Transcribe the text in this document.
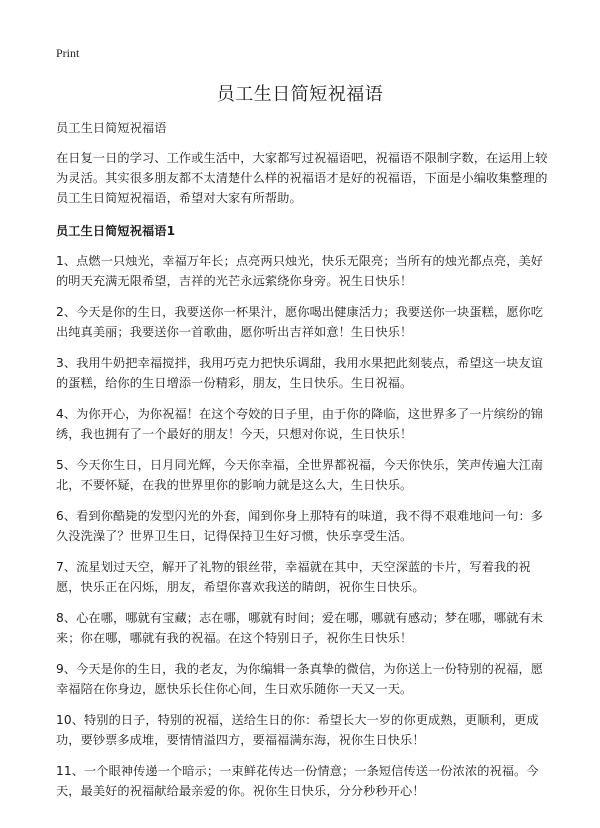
Print
员工生日简短祝福语

员工生日简短祝福语

在日复一日的学习、工作或生活中，大家都写过祝福语吧，祝福语不限制字数，在运用上较为灵活。其实很多朋友都不太清楚什么样的祝福语才是好的祝福语，下面是小编收集整理的员工生日简短祝福语，希望对大家有所帮助。

员工生日简短祝福语1

1、点燃一只烛光，幸福万年长；点亮两只烛光，快乐无限亮；当所有的烛光都点亮，美好的明天充满无限希望，吉祥的光芒永远萦绕你身旁。祝生日快乐！

2、今天是你的生日，我要送你一杯果汁，愿你喝出健康活力；我要送你一块蛋糕，愿你吃出纯真美丽；我要送你一首歌曲，愿你听出吉祥如意！生日快乐！

3、我用牛奶把幸福搅拌，我用巧克力把快乐调甜，我用水果把此刻装点，希望这一块友谊的蛋糕，给你的生日增添一份精彩，朋友，生日快乐。生日祝福。

4、为你开心，为你祝福！在这个夸姣的日子里，由于你的降临，这世界多了一片缤纷的锦绣，我也拥有了一个最好的朋友！今天，只想对你说，生日快乐！

5、今天你生日，日月同光辉，今天你幸福，全世界都祝福，今天你快乐，笑声传遍大江南北，不要怀疑，在我的世界里你的影响力就是这么大，生日快乐。

6、看到你酷毙的发型闪光的外套，闻到你身上那特有的味道，我不得不艰难地问一句：多久没洗澡了？世界卫生日，记得保持卫生好习惯，快乐享受生活。

7、流星划过天空，解开了礼物的银丝带，幸福就在其中，天空深蓝的卡片，写着我的祝愿，快乐正在闪烁，朋友，希望你喜欢我送的睛朗，祝你生日快乐。

8、心在哪，哪就有宝藏；志在哪，哪就有时间；爱在哪，哪就有感动；梦在哪，哪就有未来；你在哪，哪就有我的祝福。在这个特别日子，祝你生日快乐！

9、今天是你的生日，我的老友，为你编辑一条真挚的微信，为你送上一份特别的祝福，愿幸福陪在你身边，愿快乐长住你心间，生日欢乐随你一天又一天。

10、特别的日子，特别的祝福，送给生日的你：希望长大一岁的你更成熟，更顺利，更成功，要钞票多成堆，要情情溢四方，要福福满东海，祝你生日快乐！

11、一个眼神传递一个暗示；一束鲜花传达一份情意；一条短信传送一份浓浓的祝福。今天，最美好的祝福献给最亲爱的你。祝你生日快乐，分分秒秒开心！
